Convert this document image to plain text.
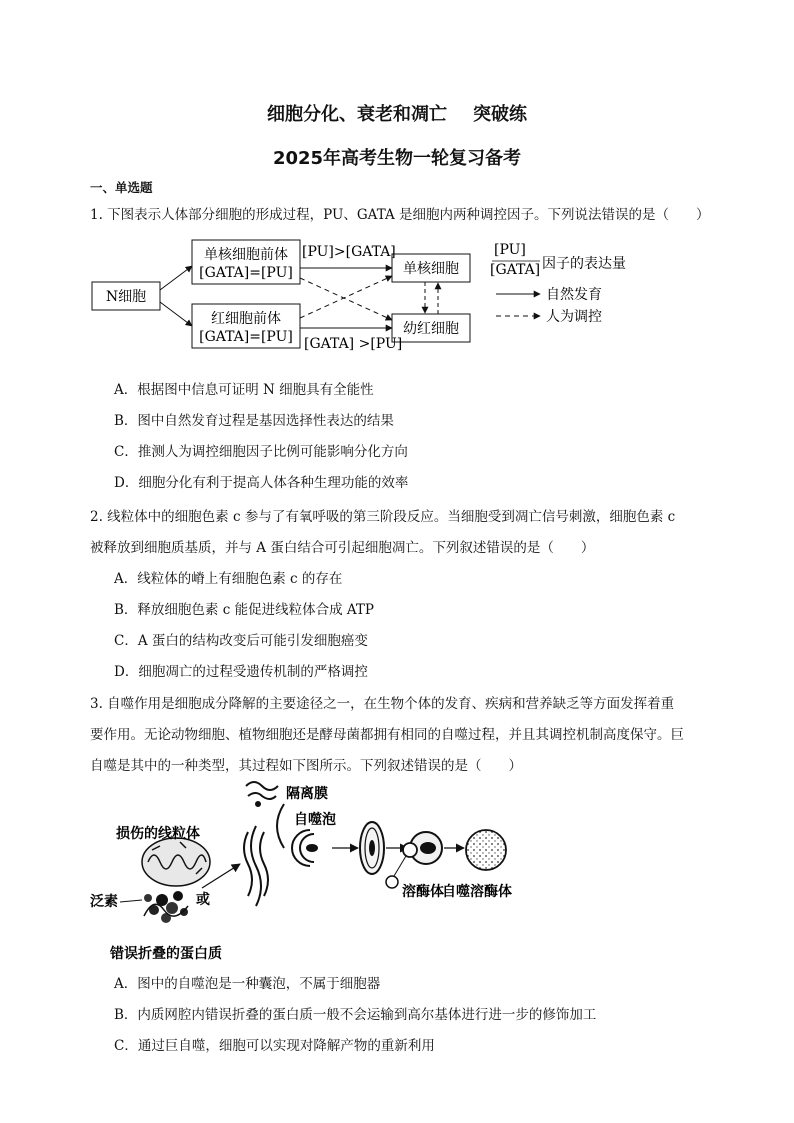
细胞分化、衰老和凋亡 突破练
2025年高考生物一轮复习备考
一、单选题
1. 下图表示人体部分细胞的形成过程，PU、GATA 是细胞内两种调控因子。下列说法错误的是（　　）
N细胞
单核细胞前体
[GATA]=[PU]
红细胞前体
[GATA]=[PU]
[PU]>[GATA]
[GATA] >[PU]
单核细胞
幼红细胞
[PU]
[GATA] 因子的表达量
自然发育
人为调控
A．根据图中信息可证明 N 细胞具有全能性
B．图中自然发育过程是基因选择性表达的结果
C．推测人为调控细胞因子比例可能影响分化方向
D．细胞分化有利于提高人体各种生理功能的效率
2. 线粒体中的细胞色素 c 参与了有氧呼吸的第三阶段反应。当细胞受到凋亡信号刺激，细胞色素 c
被释放到细胞质基质，并与 A 蛋白结合可引起细胞凋亡。下列叙述错误的是（　　）
A．线粒体的嵴上有细胞色素 c 的存在
B．释放细胞色素 c 能促进线粒体合成 ATP
C．A 蛋白的结构改变后可能引发细胞癌变
D．细胞凋亡的过程受遗传机制的严格调控
3. 自噬作用是细胞成分降解的主要途径之一，在生物个体的发育、疾病和营养缺乏等方面发挥着重
要作用。无论动物细胞、植物细胞还是酵母菌都拥有相同的自噬过程，并且其调控机制高度保守。巨
自噬是其中的一种类型，其过程如下图所示。下列叙述错误的是（　　）
损伤的线粒体
泛素	或
错误折叠的蛋白质
隔离膜
自噬泡
溶酶体
自噬溶酶体
A．图中的自噬泡是一种囊泡，不属于细胞器
B．内质网腔内错误折叠的蛋白质一般不会运输到高尔基体进行进一步的修饰加工
C．通过巨自噬，细胞可以实现对降解产物的重新利用
